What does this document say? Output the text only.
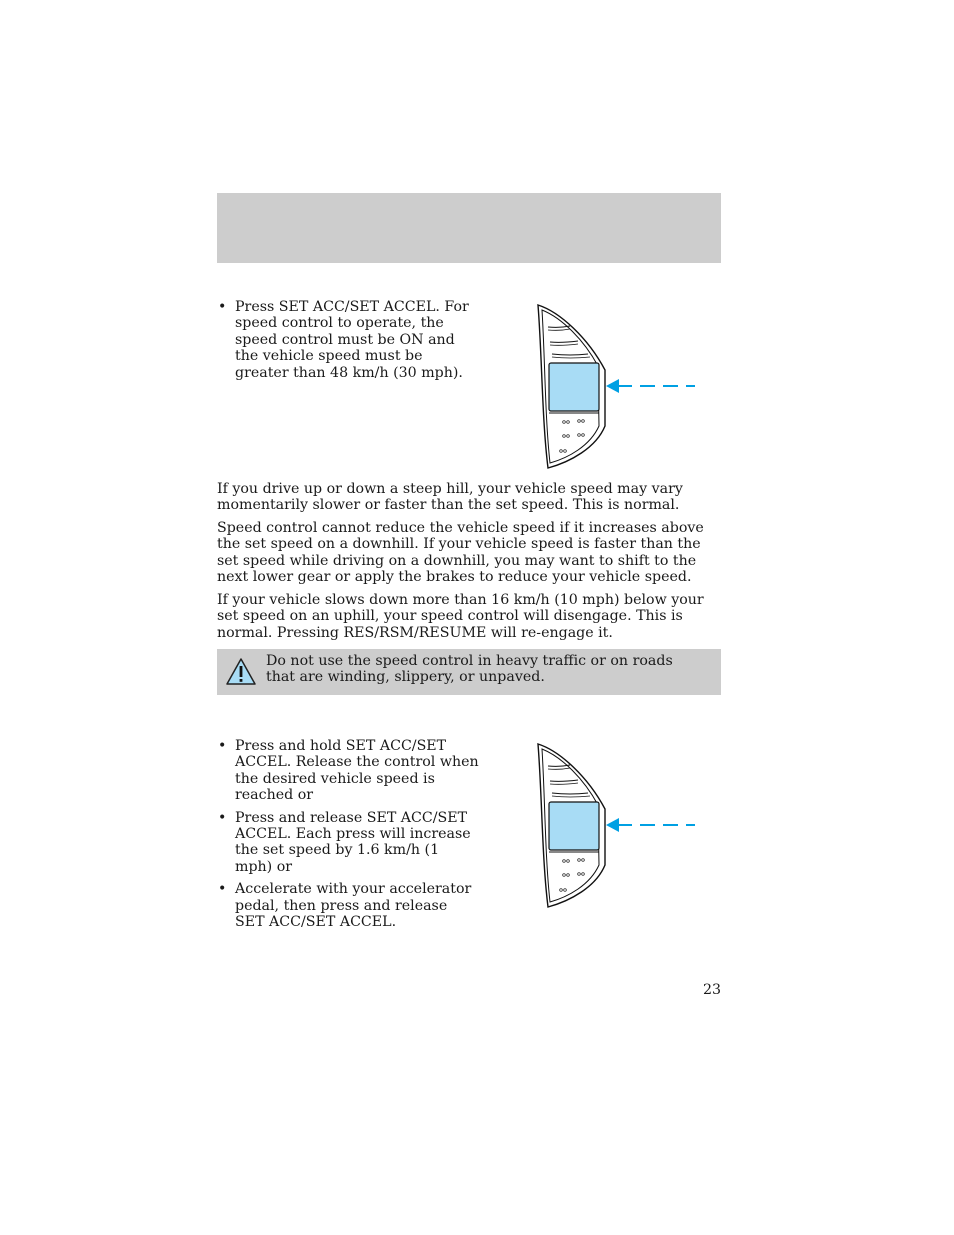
• Press SET ACC/SET ACCEL. For speed control to operate, the speed control must be ON and the vehicle speed must be greater than 48 km/h (30 mph).

If you drive up or down a steep hill, your vehicle speed may vary momentarily slower or faster than the set speed. This is normal.

Speed control cannot reduce the vehicle speed if it increases above the set speed on a downhill. If your vehicle speed is faster than the set speed while driving on a downhill, you may want to shift to the next lower gear or apply the brakes to reduce your vehicle speed.

If your vehicle slows down more than 16 km/h (10 mph) below your set speed on an uphill, your speed control will disengage. This is normal. Pressing RES/RSM/RESUME will re-engage it.

Do not use the speed control in heavy traffic or on roads that are winding, slippery, or unpaved.

• Press and hold SET ACC/SET ACCEL. Release the control when the desired vehicle speed is reached or
• Press and release SET ACC/SET ACCEL. Each press will increase the set speed by 1.6 km/h (1 mph) or
• Accelerate with your accelerator pedal, then press and release SET ACC/SET ACCEL.
23
